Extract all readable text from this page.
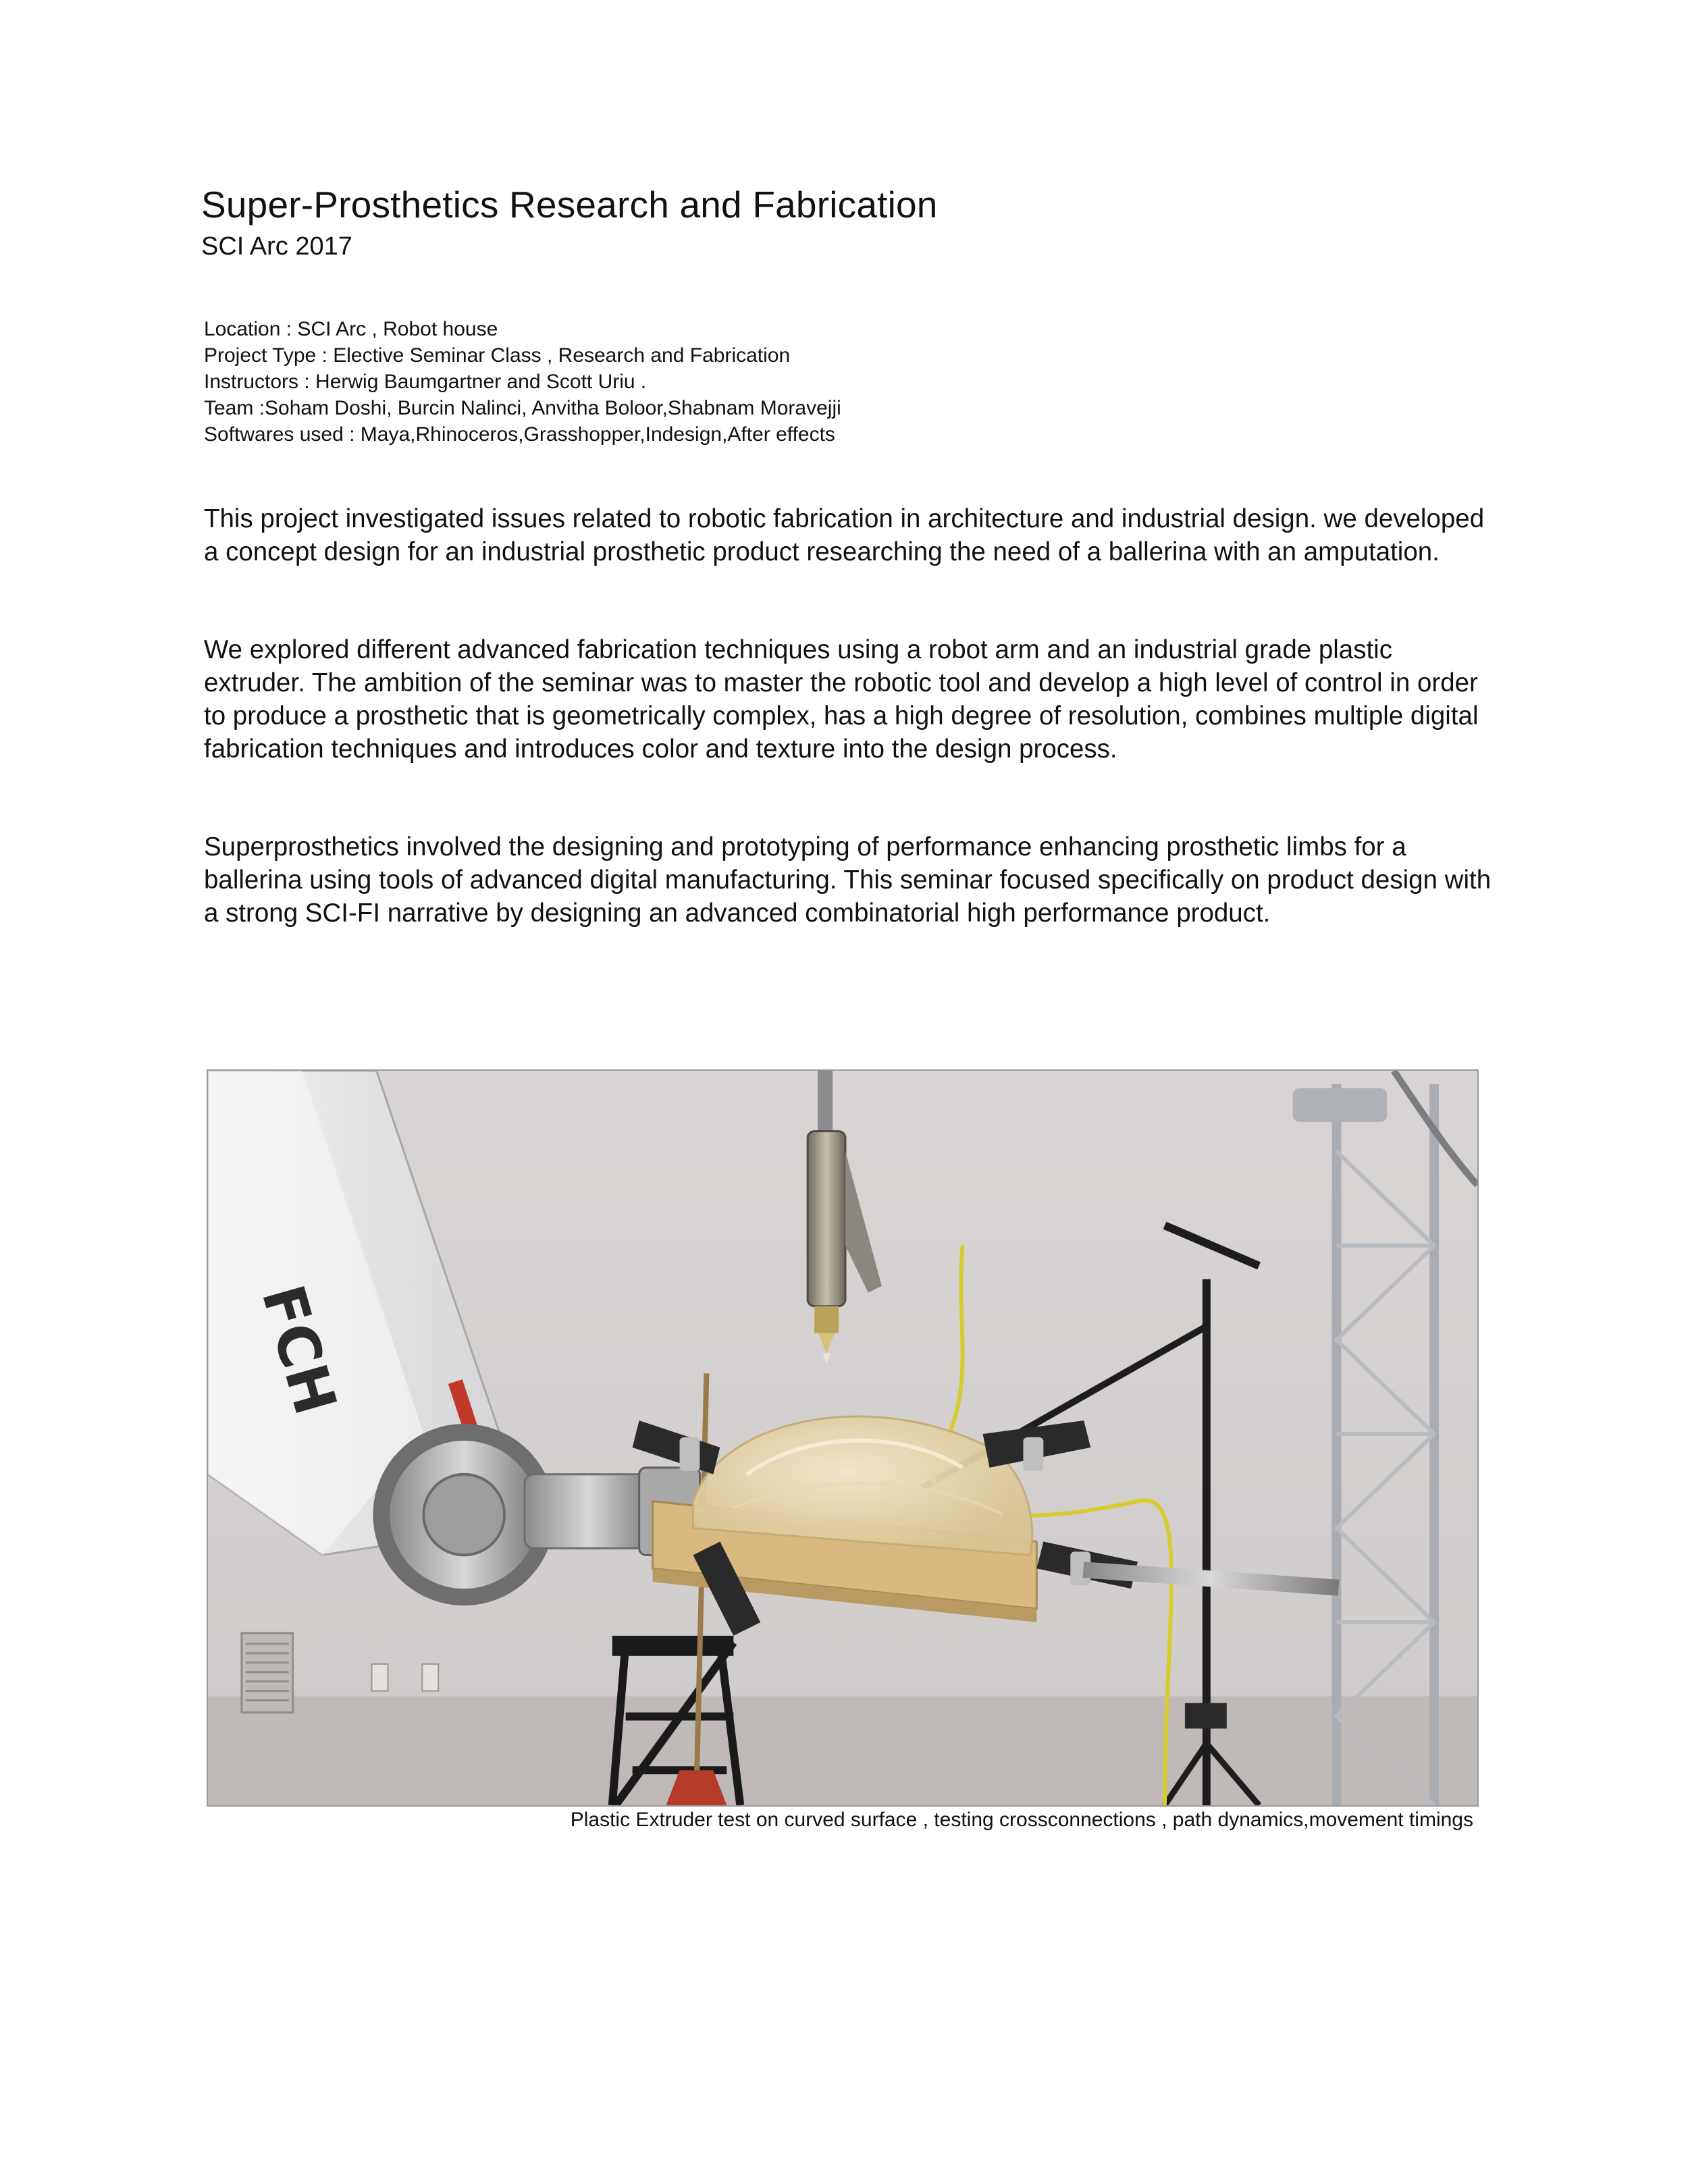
Super-Prosthetics Research and Fabrication
SCI Arc 2017
Location : SCI Arc , Robot house
Project Type : Elective Seminar Class , Research and Fabrication
Instructors : Herwig Baumgartner and Scott Uriu .
Team :Soham Doshi, Burcin Nalinci, Anvitha Boloor,Shabnam Moravejji
Softwares used : Maya,Rhinoceros,Grasshopper,Indesign,After effects

This project investigated issues related to robotic fabrication in architecture and industrial design. we developed a concept design for an industrial prosthetic product researching the need of a ballerina with an amputation.

We explored different advanced fabrication techniques using a robot arm and an industrial grade plastic extruder. The ambition of the seminar was to master the robotic tool and develop a high level of control in order to produce a prosthetic that is geometrically complex, has a high degree of resolution, combines multiple digital fabrication techniques and introduces color and texture into the design process.

Superprosthetics involved the designing and prototyping of performance enhancing prosthetic limbs for a ballerina using tools of advanced digital manufacturing. This seminar focused specifically on product design with a strong SCI-FI narrative by designing an advanced combinatorial high performance product.

FCH

Plastic Extruder test on curved surface , testing crossconnections , path dynamics,movement timings
